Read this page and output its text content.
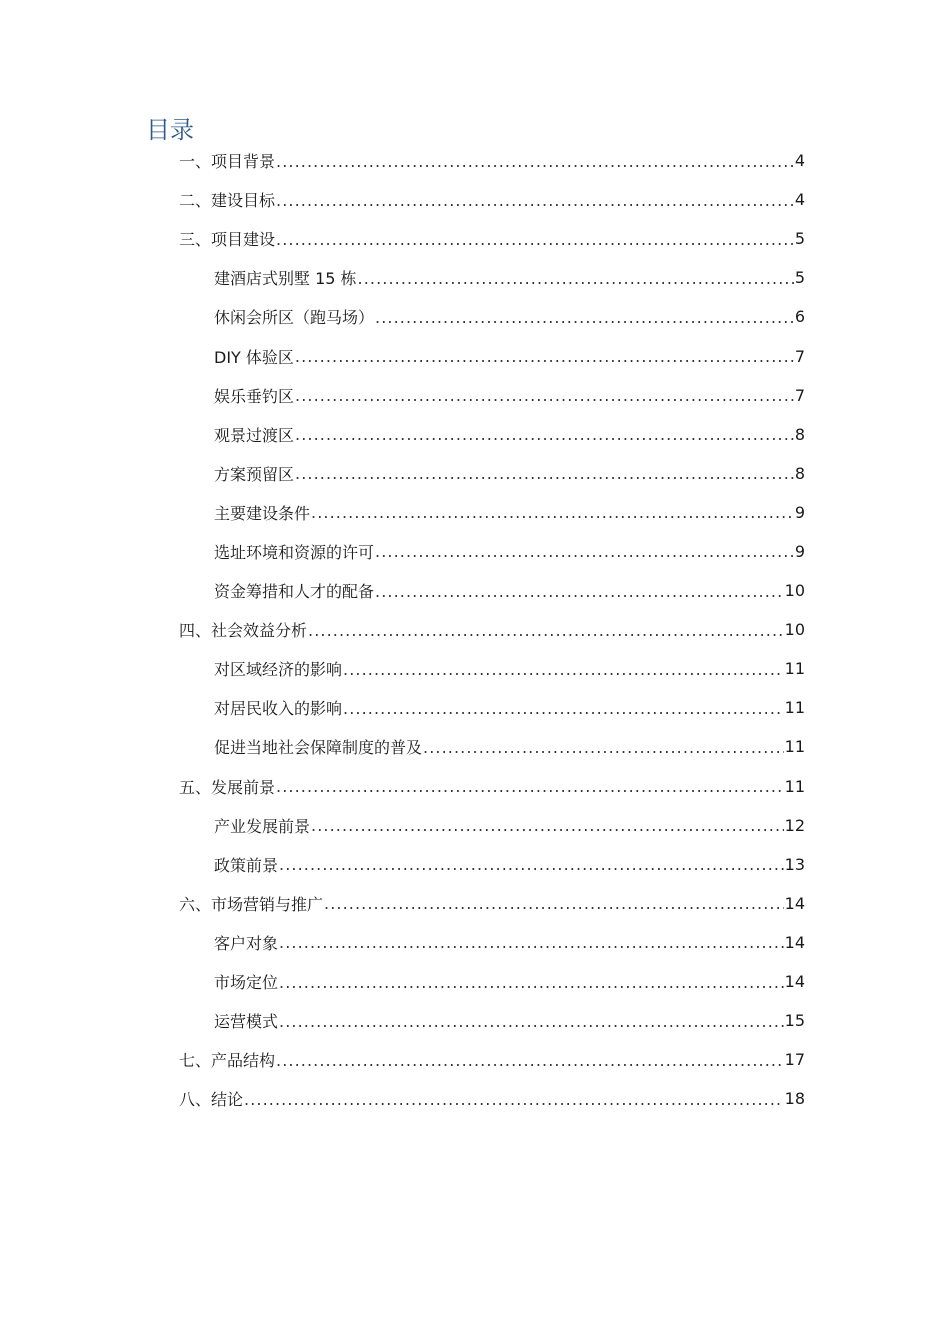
目录
一、项目背景 .....	4
二、建设目标 .....	4
三、项目建设 .....	5
建酒店式别墅 15 栋 .....	5
休闲会所区（跑马场） .....	6
DIY 体验区 .....	7
娱乐垂钓区 .....	7
观景过渡区 .....	8
方案预留区 .....	8
主要建设条件 .....	9
选址环境和资源的许可 .....	9
资金筹措和人才的配备 .....	10
四、社会效益分析 .....	10
对区域经济的影响 .....	11
对居民收入的影响 .....	11
促进当地社会保障制度的普及 .....	11
五、发展前景 .....	11
产业发展前景 .....	12
政策前景 .....	13
六、市场营销与推广 .....	14
客户对象 .....	14
市场定位 .....	14
运营模式 .....	15
七、产品结构 .....	17
八、结论 .....	18
